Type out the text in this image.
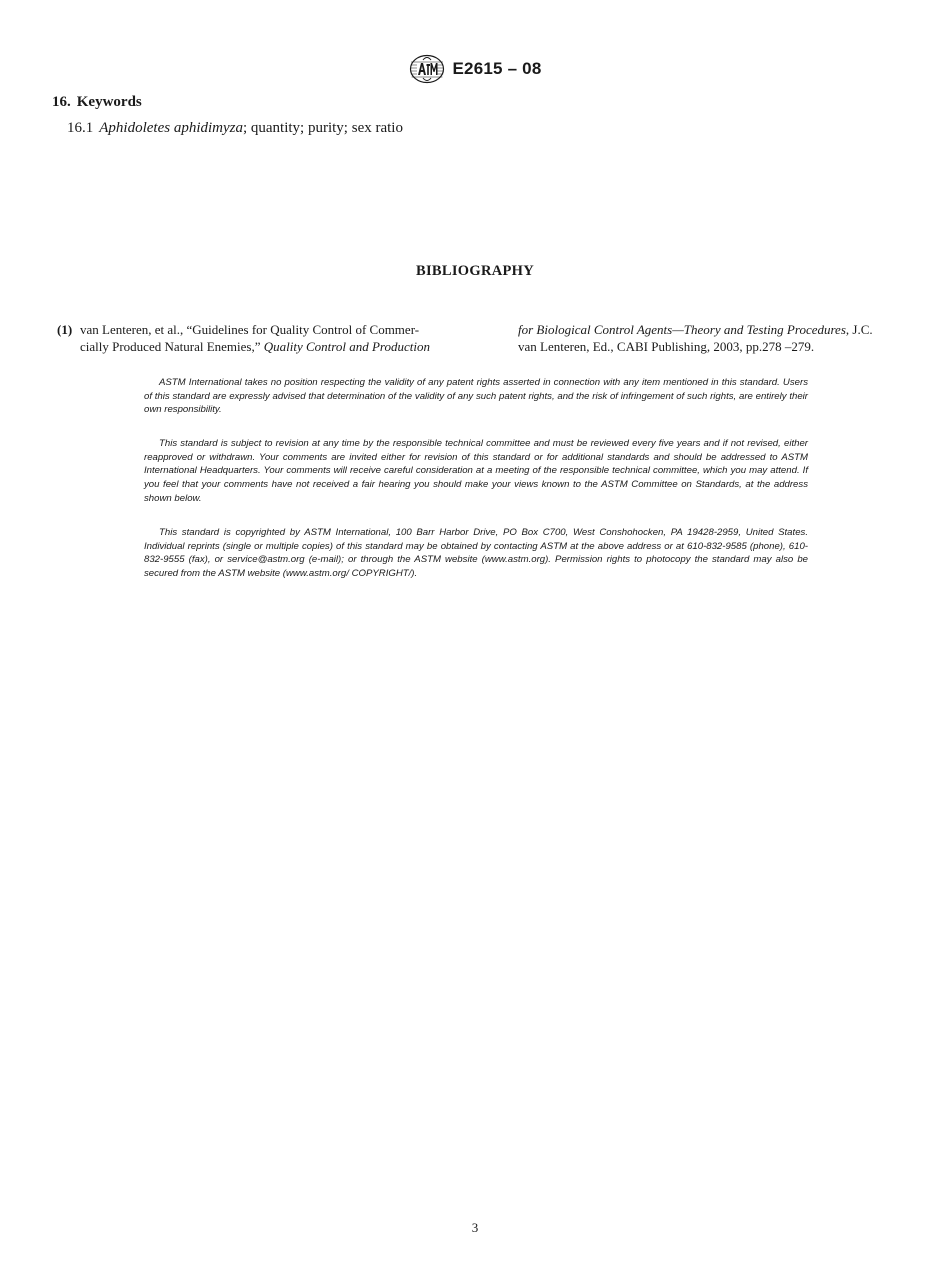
E2615 – 08
16. Keywords
16.1 Aphidoletes aphidimyza; quantity; purity; sex ratio
BIBLIOGRAPHY
(1) van Lenteren, et al., “Guidelines for Quality Control of Commer-
cially Produced Natural Enemies,” Quality Control and Production
for Biological Control Agents—Theory and Testing Procedures, J.C.
van Lenteren, Ed., CABI Publishing, 2003, pp.278 –279.

ASTM International takes no position respecting the validity of any patent rights asserted in connection with any item mentioned in this standard. Users of this standard are expressly advised that determination of the validity of any such patent rights, and the risk of infringement of such rights, are entirely their own responsibility.

This standard is subject to revision at any time by the responsible technical committee and must be reviewed every five years and if not revised, either reapproved or withdrawn. Your comments are invited either for revision of this standard or for additional standards and should be addressed to ASTM International Headquarters. Your comments will receive careful consideration at a meeting of the responsible technical committee, which you may attend. If you feel that your comments have not received a fair hearing you should make your views known to the ASTM Committee on Standards, at the address shown below.

This standard is copyrighted by ASTM International, 100 Barr Harbor Drive, PO Box C700, West Conshohocken, PA 19428-2959, United States. Individual reprints (single or multiple copies) of this standard may be obtained by contacting ASTM at the above address or at 610-832-9585 (phone), 610-832-9555 (fax), or service@astm.org (e-mail); or through the ASTM website (www.astm.org). Permission rights to photocopy the standard may also be secured from the ASTM website (www.astm.org/ COPYRIGHT/).

3
